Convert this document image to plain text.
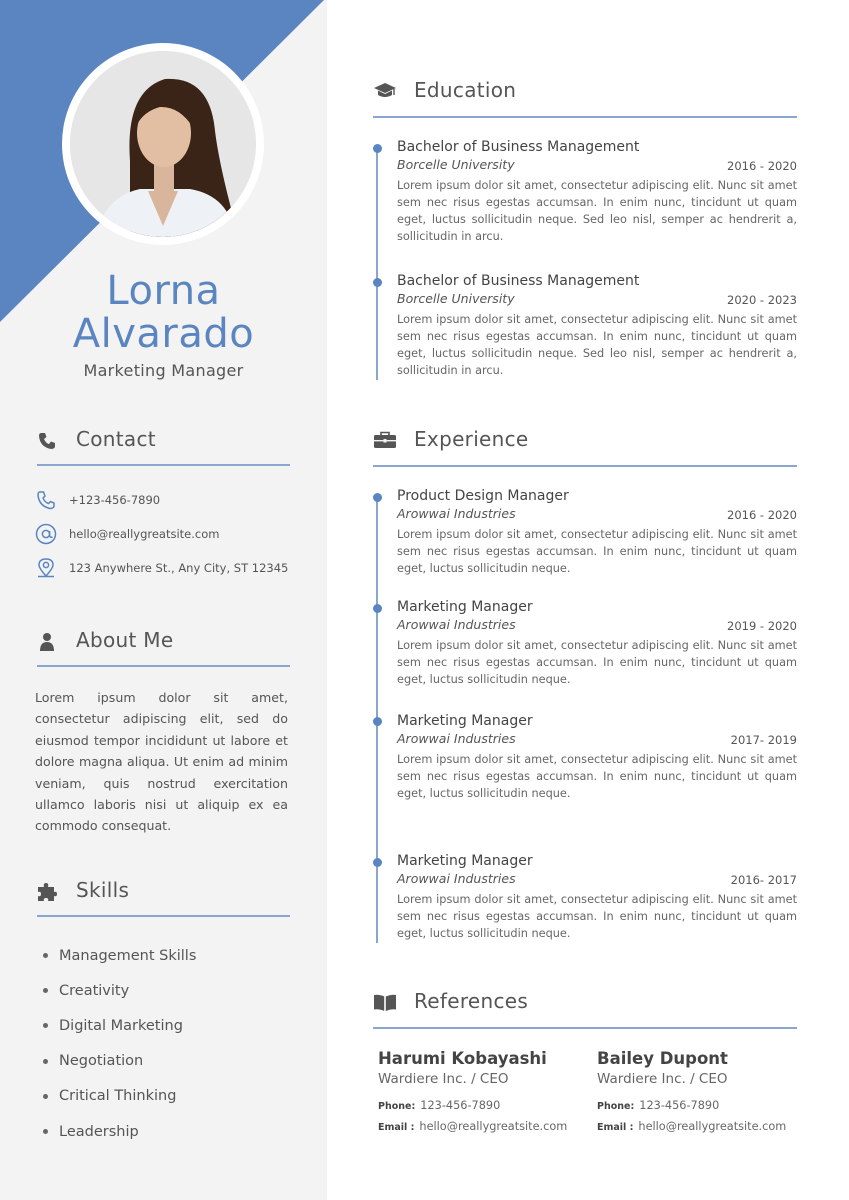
Lorna
Alvarado
Marketing Manager
Contact
+123-456-7890
hello@reallygreatsite.com
123 Anywhere St., Any City, ST 12345
About Me
Lorem ipsum dolor sit amet, consectetur adipiscing elit, sed do eiusmod tempor incididunt ut labore et dolore magna aliqua. Ut enim ad minim veniam, quis nostrud exercitation ullamco laboris nisi ut aliquip ex ea commodo consequat.
Skills
Management Skills
Creativity
Digital Marketing
Negotiation
Critical Thinking
Leadership
Education
Bachelor of Business Management
Borcelle University	2016 - 2020
Lorem ipsum dolor sit amet, consectetur adipiscing elit. Nunc sit amet sem nec risus egestas accumsan. In enim nunc, tincidunt ut quam eget, luctus sollicitudin neque. Sed leo nisl, semper ac hendrerit a, sollicitudin in arcu.
Bachelor of Business Management
Borcelle University	2020 - 2023
Lorem ipsum dolor sit amet, consectetur adipiscing elit. Nunc sit amet sem nec risus egestas accumsan. In enim nunc, tincidunt ut quam eget, luctus sollicitudin neque. Sed leo nisl, semper ac hendrerit a, sollicitudin in arcu.
Experience
Product Design Manager
Arowwai Industries	2016 - 2020
Lorem ipsum dolor sit amet, consectetur adipiscing elit. Nunc sit amet sem nec risus egestas accumsan. In enim nunc, tincidunt ut quam eget, luctus sollicitudin neque.
Marketing Manager
Arowwai Industries	2019 - 2020
Lorem ipsum dolor sit amet, consectetur adipiscing elit. Nunc sit amet sem nec risus egestas accumsan. In enim nunc, tincidunt ut quam eget, luctus sollicitudin neque.
Marketing Manager
Arowwai Industries	2017- 2019
Lorem ipsum dolor sit amet, consectetur adipiscing elit. Nunc sit amet sem nec risus egestas accumsan. In enim nunc, tincidunt ut quam eget, luctus sollicitudin neque.
Marketing Manager
Arowwai Industries	2016- 2017
Lorem ipsum dolor sit amet, consectetur adipiscing elit. Nunc sit amet sem nec risus egestas accumsan. In enim nunc, tincidunt ut quam eget, luctus sollicitudin neque.
References
Harumi Kobayashi
Wardiere Inc. / CEO
Phone: 123-456-7890
Email : hello@reallygreatsite.com
Bailey Dupont
Wardiere Inc. / CEO
Phone: 123-456-7890
Email : hello@reallygreatsite.com
